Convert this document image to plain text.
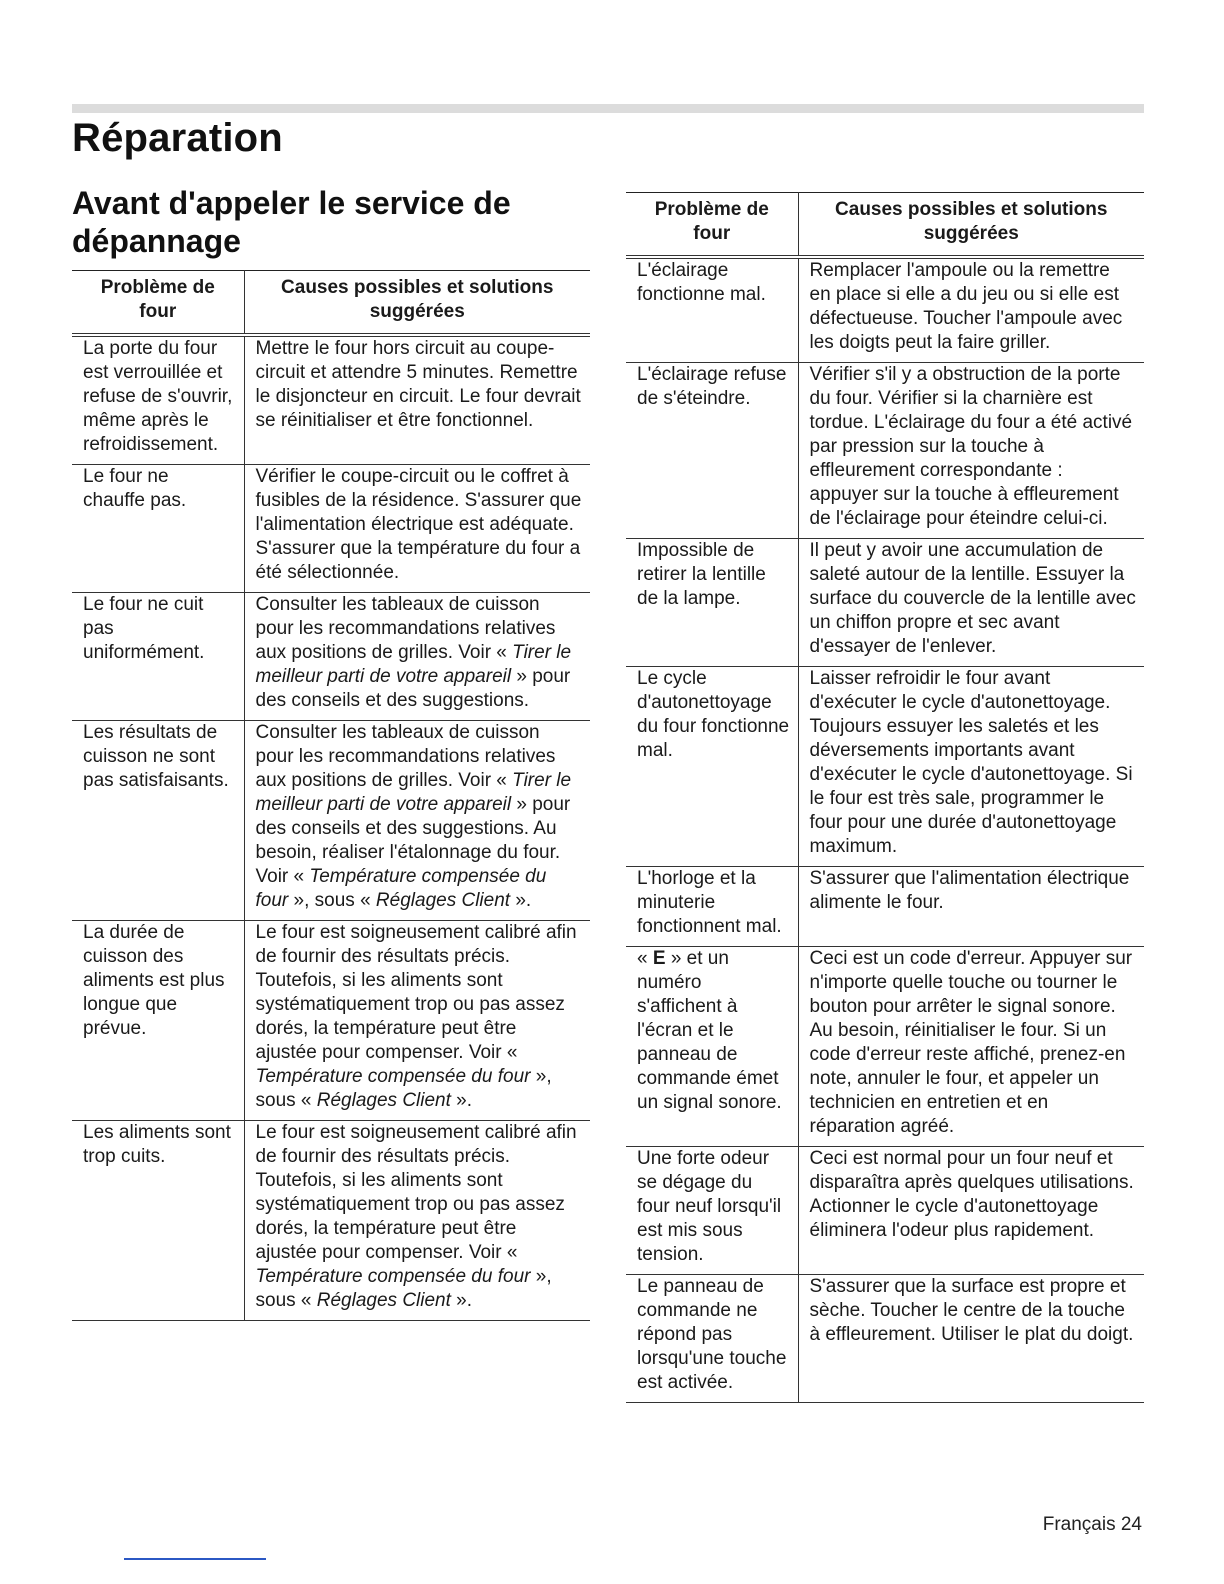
Réparation
Avant d'appeler le service de dépannage
Problème de four	Causes possibles et solutions suggérées
La porte du four est verrouillée et refuse de s'ouvrir, même après le refroidissement.	Mettre le four hors circuit au coupe-circuit et attendre 5 minutes. Remettre le disjoncteur en circuit. Le four devrait se réinitialiser et être fonctionnel.
Le four ne chauffe pas.	Vérifier le coupe-circuit ou le coffret à fusibles de la résidence. S'assurer que l'alimentation électrique est adéquate. S'assurer que la température du four a été sélectionnée.
Le four ne cuit pas uniformément.	Consulter les tableaux de cuisson pour les recommandations relatives aux positions de grilles. Voir « Tirer le meilleur parti de votre appareil » pour des conseils et des suggestions.
Les résultats de cuisson ne sont pas satisfaisants.	Consulter les tableaux de cuisson pour les recommandations relatives aux positions de grilles. Voir « Tirer le meilleur parti de votre appareil » pour des conseils et des suggestions. Au besoin, réaliser l'étalonnage du four. Voir « Température compensée du four », sous « Réglages Client ».
La durée de cuisson des aliments est plus longue que prévue.	Le four est soigneusement calibré afin de fournir des résultats précis. Toutefois, si les aliments sont systématiquement trop ou pas assez dorés, la température peut être ajustée pour compenser. Voir « Température compensée du four », sous « Réglages Client ».
Les aliments sont trop cuits.	Le four est soigneusement calibré afin de fournir des résultats précis. Toutefois, si les aliments sont systématiquement trop ou pas assez dorés, la température peut être ajustée pour compenser. Voir « Température compensée du four », sous « Réglages Client ».
Problème de four	Causes possibles et solutions suggérées
L'éclairage fonctionne mal.	Remplacer l'ampoule ou la remettre en place si elle a du jeu ou si elle est défectueuse. Toucher l'ampoule avec les doigts peut la faire griller.
L'éclairage refuse de s'éteindre.	Vérifier s'il y a obstruction de la porte du four. Vérifier si la charnière est tordue. L'éclairage du four a été activé par pression sur la touche à effleurement correspondante : appuyer sur la touche à effleurement de l'éclairage pour éteindre celui-ci.
Impossible de retirer la lentille de la lampe.	Il peut y avoir une accumulation de saleté autour de la lentille. Essuyer la surface du couvercle de la lentille avec un chiffon propre et sec avant d'essayer de l'enlever.
Le cycle d'autonettoyage du four fonctionne mal.	Laisser refroidir le four avant d'exécuter le cycle d'autonettoyage. Toujours essuyer les saletés et les déversements importants avant d'exécuter le cycle d'autonettoyage. Si le four est très sale, programmer le four pour une durée d'autonettoyage maximum.
L'horloge et la minuterie fonctionnent mal.	S'assurer que l'alimentation électrique alimente le four.
« E » et un numéro s'affichent à l'écran et le panneau de commande émet un signal sonore.	Ceci est un code d'erreur. Appuyer sur n'importe quelle touche ou tourner le bouton pour arrêter le signal sonore. Au besoin, réinitialiser le four. Si un code d'erreur reste affiché, prenez-en note, annuler le four, et appeler un technicien en entretien et en réparation agréé.
Une forte odeur se dégage du four neuf lorsqu'il est mis sous tension.	Ceci est normal pour un four neuf et disparaîtra après quelques utilisations. Actionner le cycle d'autonettoyage éliminera l'odeur plus rapidement.
Le panneau de commande ne répond pas lorsqu'une touche est activée.	S'assurer que la surface est propre et sèche. Toucher le centre de la touche à effleurement. Utiliser le plat du doigt.
Français 24
